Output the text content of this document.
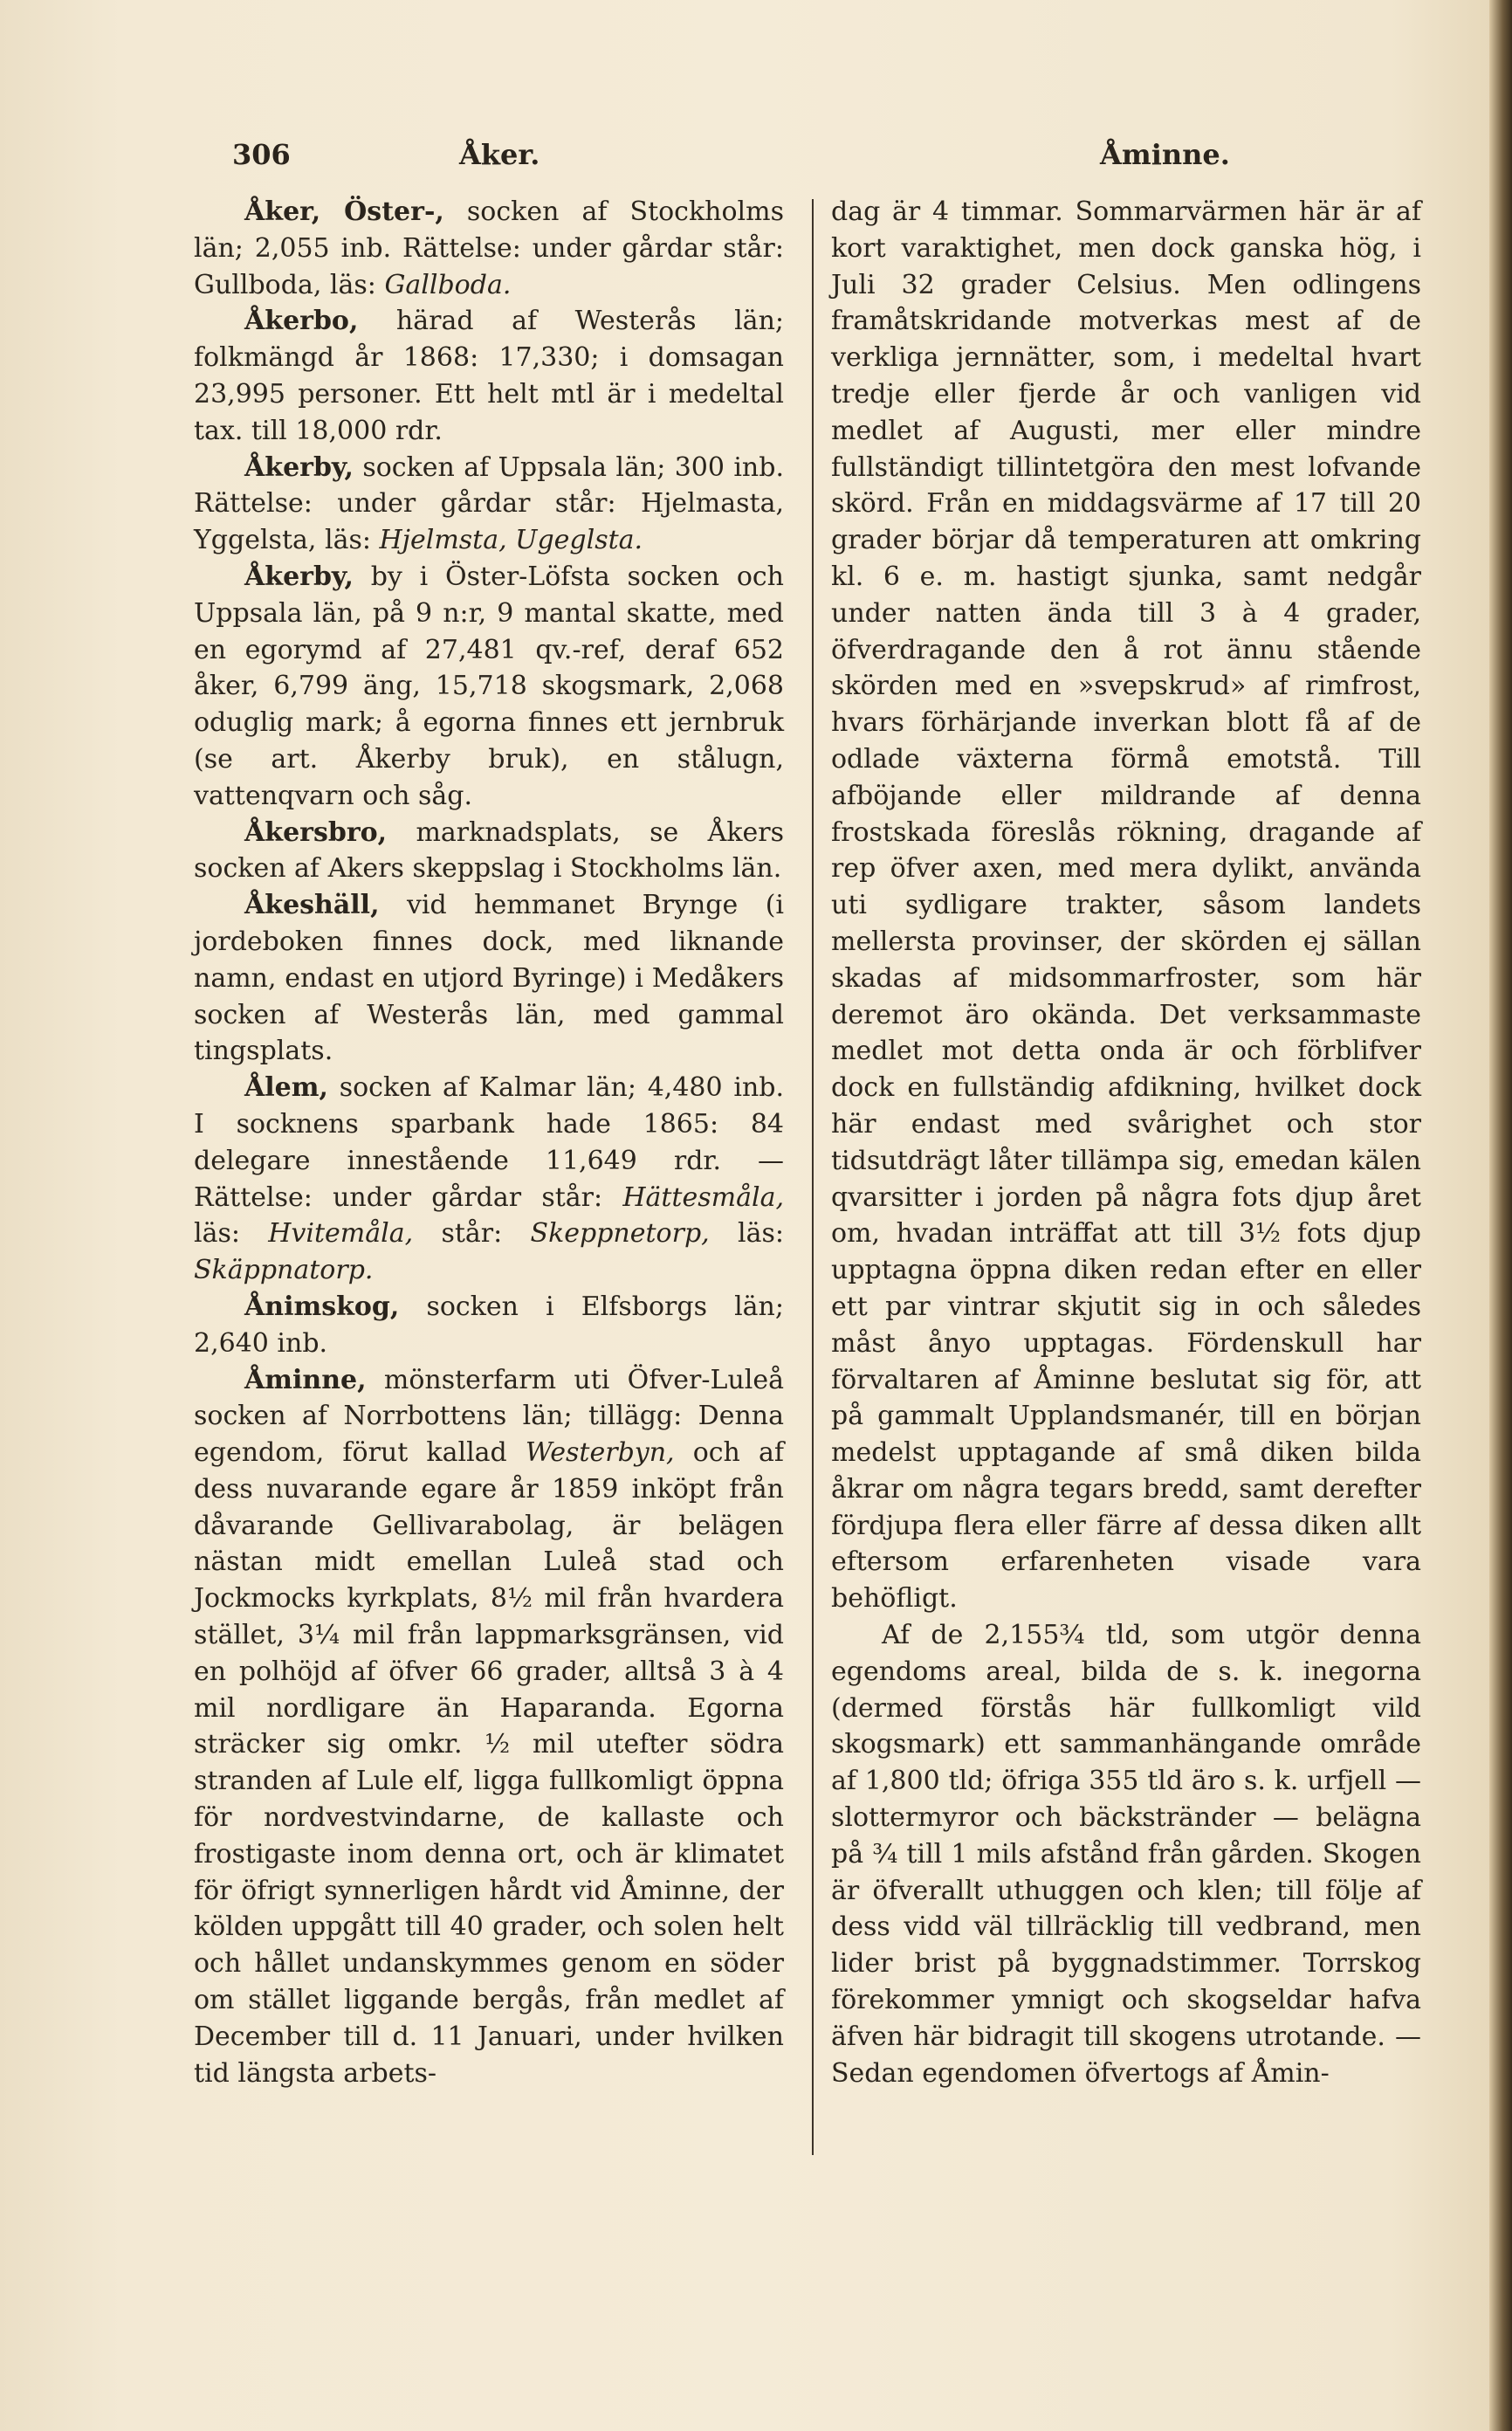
306	Åker.	Åminne.

Åker, Öster-, socken af Stockholms län; 2,055 inb. Rättelse: under gårdar står: Gullboda, läs: Gallboda.

Åkerbo, härad af Westerås län; folkmängd år 1868: 17,330; i domsagan 23,995 personer. Ett helt mtl är i medeltal tax. till 18,000 rdr.

Åkerby, socken af Uppsala län; 300 inb. Rättelse: under gårdar står: Hjelmasta, Yggelsta, läs: Hjelmsta, Ugeglsta.

Åkerby, by i Öster-Löfsta socken och Uppsala län, på 9 n:r, 9 mantal skatte, med en egorymd af 27,481 qv.-ref, deraf 652 åker, 6,799 äng, 15,718 skogsmark, 2,068 oduglig mark; å egorna finnes ett jernbruk (se art. Åkerby bruk), en stålugn, vattenqvarn och såg.

Åkersbro, marknadsplats, se Åkers socken af Akers skeppslag i Stockholms län.

Åkeshäll, vid hemmanet Brynge (i jordeboken finnes dock, med liknande namn, endast en utjord Byringe) i Medåkers socken af Westerås län, med gammal tingsplats.

Ålem, socken af Kalmar län; 4,480 inb. I socknens sparbank hade 1865: 84 delegare innestående 11,649 rdr. — Rättelse: under gårdar står: Hättesmåla, läs: Hvitemåla, står: Skeppnetorp, läs: Skäppnatorp.

Ånimskog, socken i Elfsborgs län; 2,640 inb.

Åminne, mönsterfarm uti Öfver-Luleå socken af Norrbottens län; tillägg: Denna egendom, förut kallad Westerbyn, och af dess nuvarande egare år 1859 inköpt från dåvarande Gellivarabolag, är belägen nästan midt emellan Luleå stad och Jockmocks kyrkplats, 8½ mil från hvardera stället, 3¼ mil från lappmarksgränsen, vid en polhöjd af öfver 66 grader, alltså 3 à 4 mil nordligare än Haparanda. Egorna sträcker sig omkr. ½ mil utefter södra stranden af Lule elf, ligga fullkomligt öppna för nordvestvindarne, de kallaste och frostigaste inom denna ort, och är klimatet för öfrigt synnerligen hårdt vid Åminne, der kölden uppgått till 40 grader, och solen helt och hållet undanskymmes genom en söder om stället liggande bergås, från medlet af December till d. 11 Januari, under hvilken tid längsta arbets-

dag är 4 timmar. Sommarvärmen här är af kort varaktighet, men dock ganska hög, i Juli 32 grader Celsius. Men odlingens framåtskridande motverkas mest af de verkliga jernnätter, som, i medeltal hvart tredje eller fjerde år och vanligen vid medlet af Augusti, mer eller mindre fullständigt tillintetgöra den mest lofvande skörd. Från en middagsvärme af 17 till 20 grader börjar då temperaturen att omkring kl. 6 e. m. hastigt sjunka, samt nedgår under natten ända till 3 à 4 grader, öfverdragande den å rot ännu stående skörden med en »svepskrud» af rimfrost, hvars förhärjande inverkan blott få af de odlade växterna förmå emotstå. Till afböjande eller mildrande af denna frostskada föreslås rökning, dragande af rep öfver axen, med mera dylikt, använda uti sydligare trakter, såsom landets mellersta provinser, der skörden ej sällan skadas af midsommarfroster, som här deremot äro okända. Det verksammaste medlet mot detta onda är och förblifver dock en fullständig afdikning, hvilket dock här endast med svårighet och stor tidsutdrägt låter tillämpa sig, emedan kälen qvarsitter i jorden på några fots djup året om, hvadan inträffat att till 3½ fots djup upptagna öppna diken redan efter en eller ett par vintrar skjutit sig in och således måst ånyo upptagas. Fördenskull har förvaltaren af Åminne beslutat sig för, att på gammalt Upplandsmanér, till en början medelst upptagande af små diken bilda åkrar om några tegars bredd, samt derefter fördjupa flera eller färre af dessa diken allt eftersom erfarenheten visade vara behöfligt.

Af de 2,155¾ tld, som utgör denna egendoms areal, bilda de s. k. inegorna (dermed förstås här fullkomligt vild skogsmark) ett sammanhängande område af 1,800 tld; öfriga 355 tld äro s. k. urfjell — slottermyror och bäckstränder — belägna på ¾ till 1 mils afstånd från gården. Skogen är öfverallt uthuggen och klen; till följe af dess vidd väl tillräcklig till vedbrand, men lider brist på byggnadstimmer. Torrskog förekommer ymnigt och skogseldar hafva äfven här bidragit till skogens utrotande. — Sedan egendomen öfvertogs af Åmin-
